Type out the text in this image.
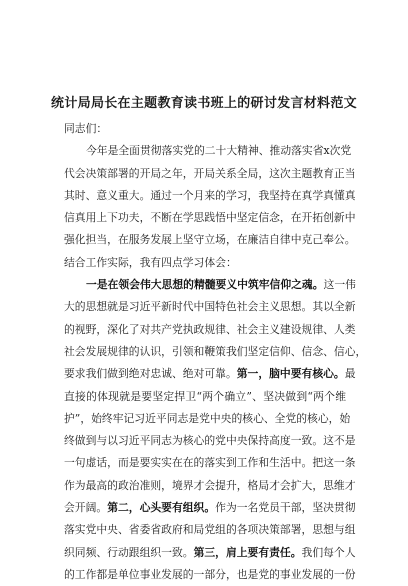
统计局局长在主题教育读书班上的研讨发言材料范文
同志们：
今年是全面贯彻落实党的二十大精神、推动落实省x次党
代会决策部署的开局之年，开局关系全局，这次主题教育正当
其时、意义重大。通过一个月来的学习，我坚持在真学真懂真
信真用上下功夫，不断在学思践悟中坚定信念，在开拓创新中
强化担当，在服务发展上坚守立场，在廉洁自律中克己奉公。
结合工作实际，我有四点学习体会：
一是在领会伟大思想的精髓要义中筑牢信仰之魂。这一伟
大的思想就是习近平新时代中国特色社会主义思想。其以全新
的视野，深化了对共产党执政规律、社会主义建设规律、人类
社会发展规律的认识，引领和鞭策我们坚定信仰、信念、信心，
要求我们做到绝对忠诚、绝对可靠。第一，脑中要有核心。最
直接的体现就是要坚定捍卫“两个确立”、坚决做到“两个维
护”，始终牢记习近平同志是党中央的核心、全党的核心，始
终做到与以习近平同志为核心的党中央保持高度一致。这不是
一句虚话，而是要实实在在的落实到工作和生活中。把这一条
作为最高的政治准则，境界才会提升，格局才会扩大，思维才
会开阔。第二，心头要有组织。作为一名党员干部，坚决贯彻
落实党中央、省委省政府和局党组的各项决策部署，思想与组
织同频、行动跟组织一致。第三，肩上要有责任。我们每个人
的工作都是单位事业发展的一部分，也是党的事业发展的一份
